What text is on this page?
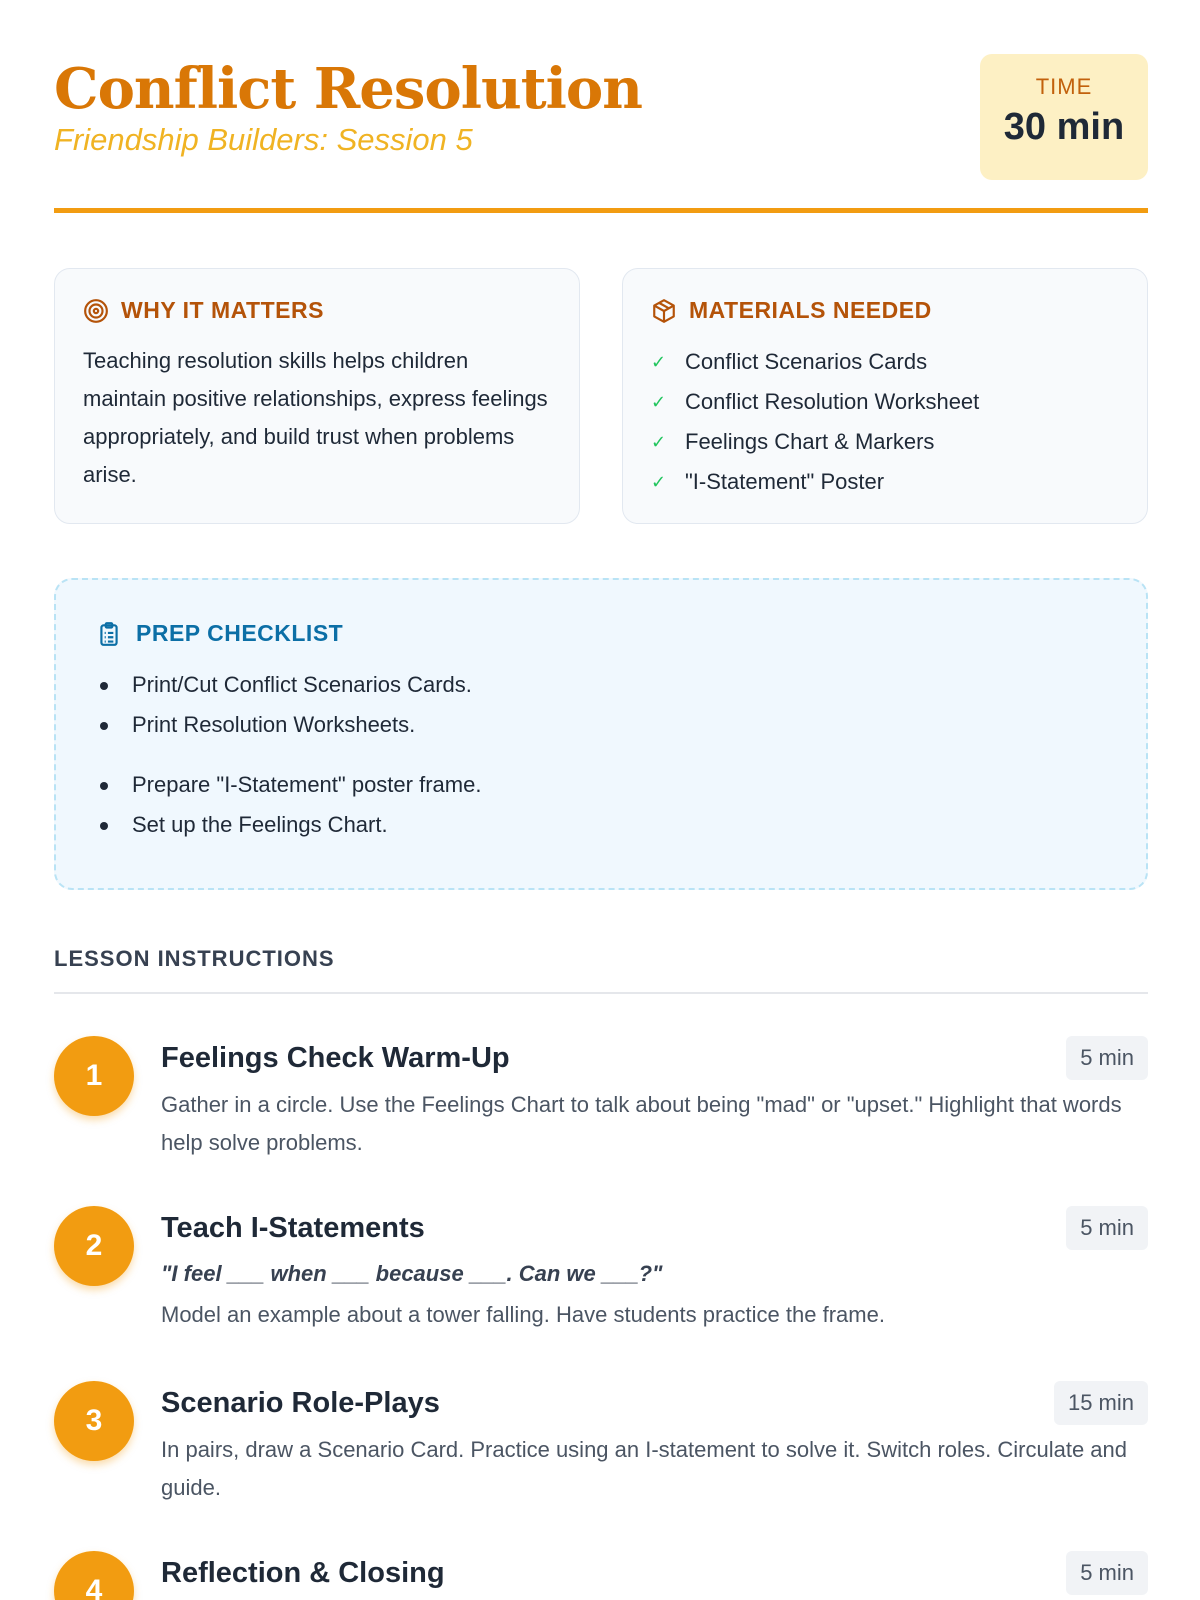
Conflict Resolution
Friendship Builders: Session 5
TIME
30 min
WHY IT MATTERS

Teaching resolution skills helps children maintain positive relationships, express feelings appropriately, and build trust when problems arise.

MATERIALS NEEDED
✓ Conflict Scenarios Cards
✓ Conflict Resolution Worksheet
✓ Feelings Chart & Markers
✓ "I-Statement" Poster
PREP CHECKLIST
Print/Cut Conflict Scenarios Cards.
Print Resolution Worksheets.
Prepare "I-Statement" poster frame.
Set up the Feelings Chart.
LESSON INSTRUCTIONS
1
Feelings Check Warm-Up	5 min
Gather in a circle. Use the Feelings Chart to talk about being "mad" or "upset." Highlight that words help solve problems.
2
Teach I-Statements	5 min
"I feel ___ when ___ because ___. Can we ___?"
Model an example about a tower falling. Have students practice the frame.
3
Scenario Role-Plays	15 min
In pairs, draw a Scenario Card. Practice using an I-statement to solve it. Switch roles. Circulate and guide.
4
Reflection & Closing	5 min
